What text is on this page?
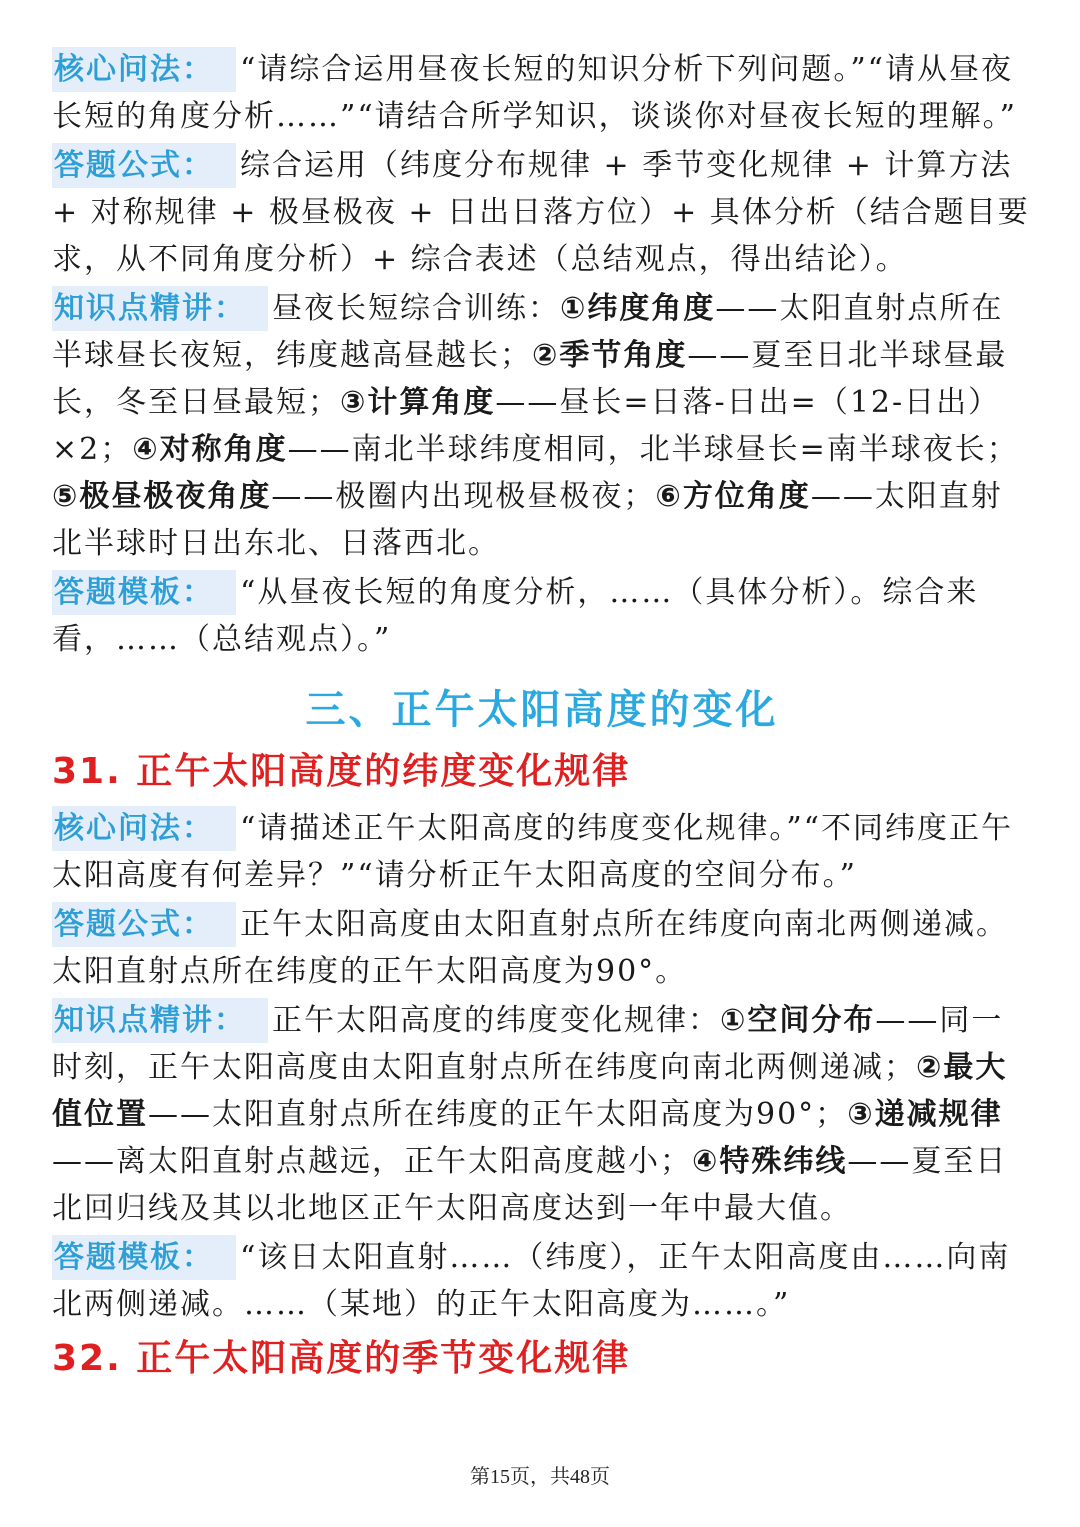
核心问法： “请综合运用昼夜长短的知识分析下列问题。”“请从昼夜长短的角度分析……”“请结合所学知识，谈谈你对昼夜长短的理解。”

答题公式： 综合运用（纬度分布规律 + 季节变化规律 + 计算方法 + 对称规律 + 极昼极夜 + 日出日落方位）+ 具体分析（结合题目要求，从不同角度分析）+ 综合表述（总结观点，得出结论）。

知识点精讲： 昼夜长短综合训练：①纬度角度——太阳直射点所在半球昼长夜短，纬度越高昼越长；②季节角度——夏至日北半球昼最长，冬至日昼最短；③计算角度——昼长=日落-日出=（12-日出）×2；④对称角度——南北半球纬度相同，北半球昼长=南半球夜长；⑤极昼极夜角度——极圈内出现极昼极夜；⑥方位角度——太阳直射北半球时日出东北、日落西北。

答题模板： “从昼夜长短的角度分析，……（具体分析）。综合来看，……（总结观点）。”

三、正午太阳高度的变化
31. 正午太阳高度的纬度变化规律

核心问法： “请描述正午太阳高度的纬度变化规律。”“不同纬度正午太阳高度有何差异？”“请分析正午太阳高度的空间分布。”

答题公式： 正午太阳高度由太阳直射点所在纬度向南北两侧递减。太阳直射点所在纬度的正午太阳高度为90°。

知识点精讲： 正午太阳高度的纬度变化规律：①空间分布——同一时刻，正午太阳高度由太阳直射点所在纬度向南北两侧递减；②最大值位置——太阳直射点所在纬度的正午太阳高度为90°；③递减规律——离太阳直射点越远，正午太阳高度越小；④特殊纬线——夏至日北回归线及其以北地区正午太阳高度达到一年中最大值。

答题模板： “该日太阳直射……（纬度），正午太阳高度由……向南北两侧递减。……（某地）的正午太阳高度为……。”

32. 正午太阳高度的季节变化规律
第15页，共48页
